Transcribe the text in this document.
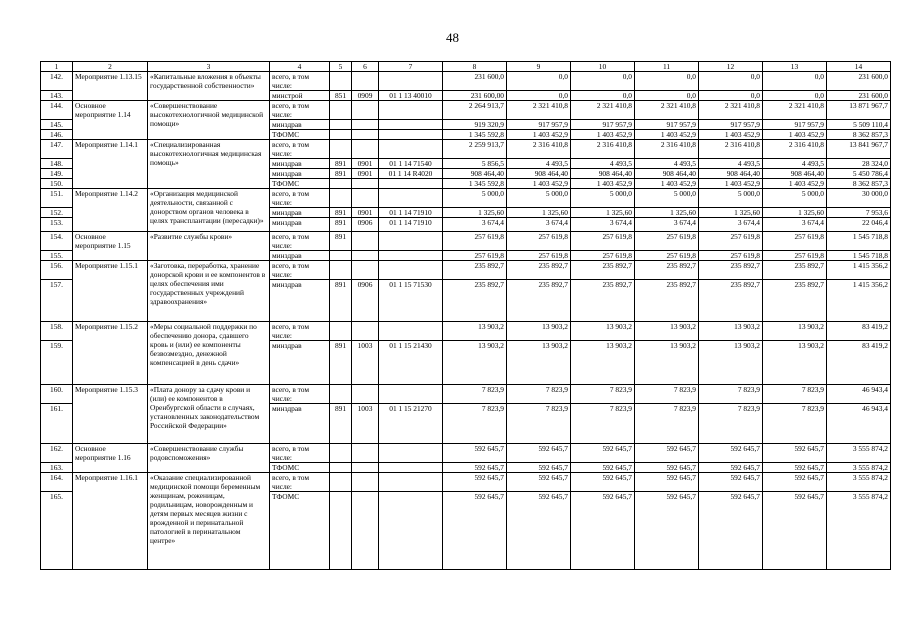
48
1	2	3	4	5	6	7	8	9	10	11	12	13	14
142.	Мероприятие 1.13.15	«Капитальные вложения в объекты государственной собственности»	всего, в том числе:				231 600,0	0,0	0,0	0,0	0,0	0,0	231 600,0
143.			минстрой	851	0909	01 1 13 40010	231 600,00	0,0	0,0	0,0	0,0	0,0	231 600,0
144.	Основное мероприятие 1.14	«Совершенствование высокотехнологичной медицинской помощи»	всего, в том числе:				2 264 913,7	2 321 410,8	2 321 410,8	2 321 410,8	2 321 410,8	2 321 410,8	13 871 967,7
145.			минздрав				919 320,9	917 957,9	917 957,9	917 957,9	917 957,9	917 957,9	5 509 110,4
146.			ТФОМС				1 345 592,8	1 403 452,9	1 403 452,9	1 403 452,9	1 403 452,9	1 403 452,9	8 362 857,3
147.	Мероприятие 1.14.1	«Специализированная высокотехнологичная медицинская помощь»	всего, в том числе:				2 259 913,7	2 316 410,8	2 316 410,8	2 316 410,8	2 316 410,8	2 316 410,8	13 841 967,7
148.			минздрав	891	0901	01 1 14 71540	5 856,5	4 493,5	4 493,5	4 493,5	4 493,5	4 493,5	28 324,0
149.			минздрав	891	0901	01 1 14 R4020	908 464,40	908 464,40	908 464,40	908 464,40	908 464,40	908 464,40	5 450 786,4
150.			ТФОМС				1 345 592,8	1 403 452,9	1 403 452,9	1 403 452,9	1 403 452,9	1 403 452,9	8 362 857,3
151.	Мероприятие 1.14.2	«Организация медицинской деятельности, связанной с донорством органов человека в целях трансплантации (пересадки)»	всего, в том числе:				5 000,0	5 000,0	5 000,0	5 000,0	5 000,0	5 000,0	30 000,0
152.			минздрав	891	0901	01 1 14 71910	1 325,60	1 325,60	1 325,60	1 325,60	1 325,60	1 325,60	7 953,6
153.			минздрав	891	0906	01 1 14 71910	3 674,4	3 674,4	3 674,4	3 674,4	3 674,4	3 674,4	22 046,4
154.	Основное мероприятие 1.15	«Развитие службы крови»	всего, в том числе:	891			257 619,8	257 619,8	257 619,8	257 619,8	257 619,8	257 619,8	1 545 718,8
155.			минздрав				257 619,8	257 619,8	257 619,8	257 619,8	257 619,8	257 619,8	1 545 718,8
156.	Мероприятие 1.15.1	«Заготовка, переработка, хранение донорской крови и ее компонентов в целях обеспечения ими государственных учреждений здравоохранения»	всего, в том числе:				235 892,7	235 892,7	235 892,7	235 892,7	235 892,7	235 892,7	1 415 356,2
157.			минздрав	891	0906	01 1 15 71530	235 892,7	235 892,7	235 892,7	235 892,7	235 892,7	235 892,7	1 415 356,2
158.	Мероприятие 1.15.2	«Меры социальной поддержки по обеспечению донора, сдавшего кровь и (или) ее компоненты безвозмездно, денежной компенсацией в день сдачи»	всего, в том числе:				13 903,2	13 903,2	13 903,2	13 903,2	13 903,2	13 903,2	83 419,2
159.			минздрав	891	1003	01 1 15 21430	13 903,2	13 903,2	13 903,2	13 903,2	13 903,2	13 903,2	83 419,2
160.	Мероприятие 1.15.3	«Плата донору за сдачу крови и (или) ее компонентов в Оренбургской области в случаях, установленных законодательством Российской Федерации»	всего, в том числе:				7 823,9	7 823,9	7 823,9	7 823,9	7 823,9	7 823,9	46 943,4
161.			минздрав	891	1003	01 1 15 21270	7 823,9	7 823,9	7 823,9	7 823,9	7 823,9	7 823,9	46 943,4
162.	Основное мероприятие 1.16	«Совершенствование службы родовспоможения»	всего, в том числе:				592 645,7	592 645,7	592 645,7	592 645,7	592 645,7	592 645,7	3 555 874,2
163.			ТФОМС				592 645,7	592 645,7	592 645,7	592 645,7	592 645,7	592 645,7	3 555 874,2
164.	Мероприятие 1.16.1	«Оказание специализированной медицинской помощи беременным женщинам, роженицам, родильницам, новорожденным и детям первых месяцев жизни с врожденной и перинатальной патологией в перинатальном центре»	всего, в том числе:				592 645,7	592 645,7	592 645,7	592 645,7	592 645,7	592 645,7	3 555 874,2
165.			ТФОМС				592 645,7	592 645,7	592 645,7	592 645,7	592 645,7	592 645,7	3 555 874,2
